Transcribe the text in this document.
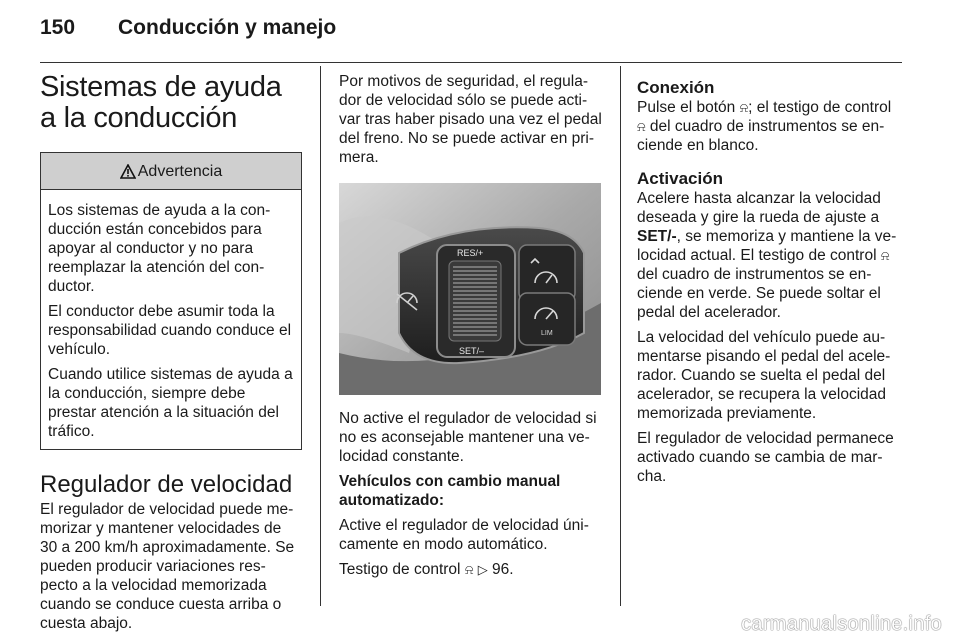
150 Conducción y manejo
Sistemas de ayuda a la conducción
Advertencia

Los sistemas de ayuda a la con-ducción están concebidos para apoyar al conductor y no para reemplazar la atención del con-ductor.

El conductor debe asumir toda la responsabilidad cuando conduce el vehículo.

Cuando utilice sistemas de ayuda a la conducción, siempre debe prestar atención a la situación del tráfico.

Regulador de velocidad

El regulador de velocidad puede me-morizar y mantener velocidades de 30 a 200 km/h aproximadamente. Se pueden producir variaciones res-pecto a la velocidad memorizada cuando se conduce cuesta arriba o cuesta abajo.

Por motivos de seguridad, el regula-dor de velocidad sólo se puede acti-var tras haber pisado una vez el pedal del freno. No se puede activar en pri-mera.

RES/+
SET/–
LIM

No active el regulador de velocidad si no es aconsejable mantener una ve-locidad constante.

Vehículos con cambio manual automatizado:

Active el regulador de velocidad úni-camente en modo automático.

Testigo de control ⍾ ▷ 96.

Conexión

Pulse el botón ⍾; el testigo de control ⍾ del cuadro de instrumentos se en-ciende en blanco.

Activación

Acelere hasta alcanzar la velocidad deseada y gire la rueda de ajuste a SET/-, se memoriza y mantiene la ve-locidad actual. El testigo de control ⍾ del cuadro de instrumentos se en-ciende en verde. Se puede soltar el pedal del acelerador.

La velocidad del vehículo puede au-mentarse pisando el pedal del acele-rador. Cuando se suelta el pedal del acelerador, se recupera la velocidad memorizada previamente.

El regulador de velocidad permanece activado cuando se cambia de mar-cha.

carmanualsonline.info
